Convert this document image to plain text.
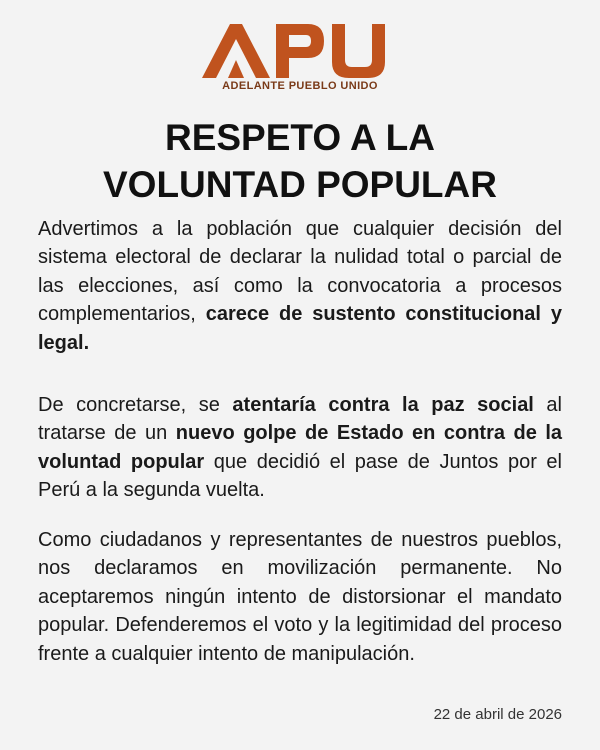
ADELANTE PUEBLO UNIDO
RESPETO A LA
VOLUNTAD POPULAR

Advertimos a la población que cualquier decisión del sistema electoral de declarar la nulidad total o parcial de las elecciones, así como la convocatoria a procesos complementarios, carece de sustento constitucional y legal.

De concretarse, se atentaría contra la paz social al tratarse de un nuevo golpe de Estado en contra de la voluntad popular que decidió el pase de Juntos por el Perú a la segunda vuelta.

Como ciudadanos y representantes de nuestros pueblos, nos declaramos en movilización permanente. No aceptaremos ningún intento de distorsionar el mandato popular. Defenderemos el voto y la legitimidad del proceso frente a cualquier intento de manipulación.

22 de abril de 2026
